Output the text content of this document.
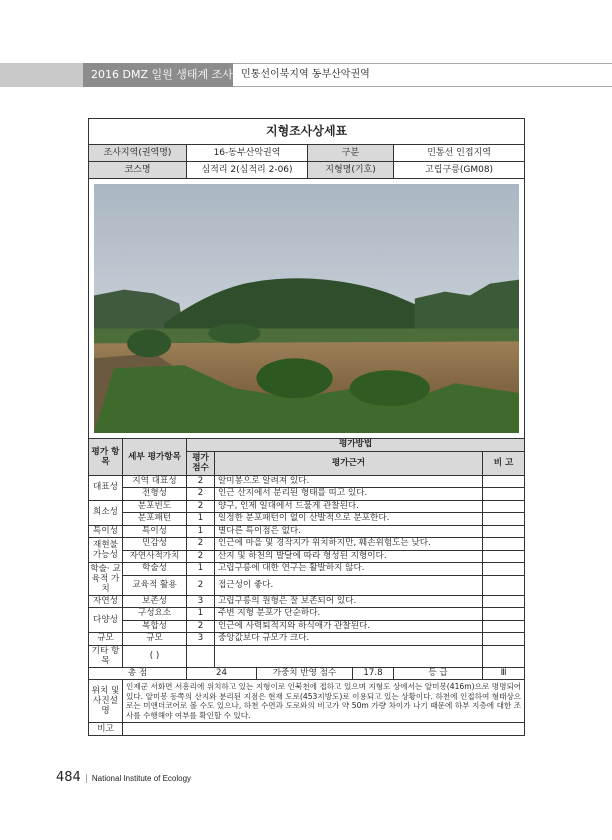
2016 DMZ 일원 생태계 조사 민통선이북지역 동부산악권역
지형조사상세표								
조사지역(권역명)		16-동부산악권역			구분		민통선 인접지역	
코스명		심적리 2(심적리 2-06)			지형명(기호)		고립구릉(GM08)	

평가 항목	세부 평가항목	평가방법						
		평가 점수	평가근거					비 고
대표성	지역 대표성	2	알미봉으로 알려져 있다.					
	전형성	2	인근 산지에서 분리된 형태를 띠고 있다.					
희소성	분포빈도	2	양구, 인제 일대에서 드물게 관찰된다.					
	분포패턴	1	일정한 분포패턴이 없이 산발적으로 분포한다.					
특이성	특이성	1	별다른 특이점은 없다.					
재현불 가능성	민감성	2	인근에 마을 및 경작지가 위치하지만, 훼손위험도는 낮다.					
	자연사적가치	2	산지 및 하천의 발달에 따라 형성된 지형이다.					
학술· 교육적 가치	학술성	1	고립구릉에 대한 연구는 활발하지 않다.					
	교육적 활용	2	접근성이 좋다.					
자연성	보존성	3	고립구릉의 원형은 잘 보존되어 있다.					
다양성	구성요소	1	주변 지형 분포가 단순하다.					
	복합성	2	인근에 사력퇴적지와 하식애가 관찰된다.					
규모	규모	3	중앙값보다 규모가 크다.					
기타 항목	( )							
총 점		24		가중치 반영 점수		17.8	등 급	Ⅲ
위치 및 사진설명	인제군 서화면 서흥리에 위치하고 있는 지형이로 인북천에 접하고 있으며 지형도 상에서는 알미봉(416m)으로 명명되어 있다. 알미봉 동쪽의 산지와 분리된 지점은 현재 도로(453지방도)로 이용되고 있는 상황이다. 하천에 인접하여 형태상으로는 미앤더코어로 볼 수도 있으나, 하천 수면과 도로와의 비고가 약 50m 가량 차이가 나기 때문에 하부 지층에 대한 조사를 수행해야 여부를 확인할 수 있다.							
비고								
484 | National Institute of Ecology
